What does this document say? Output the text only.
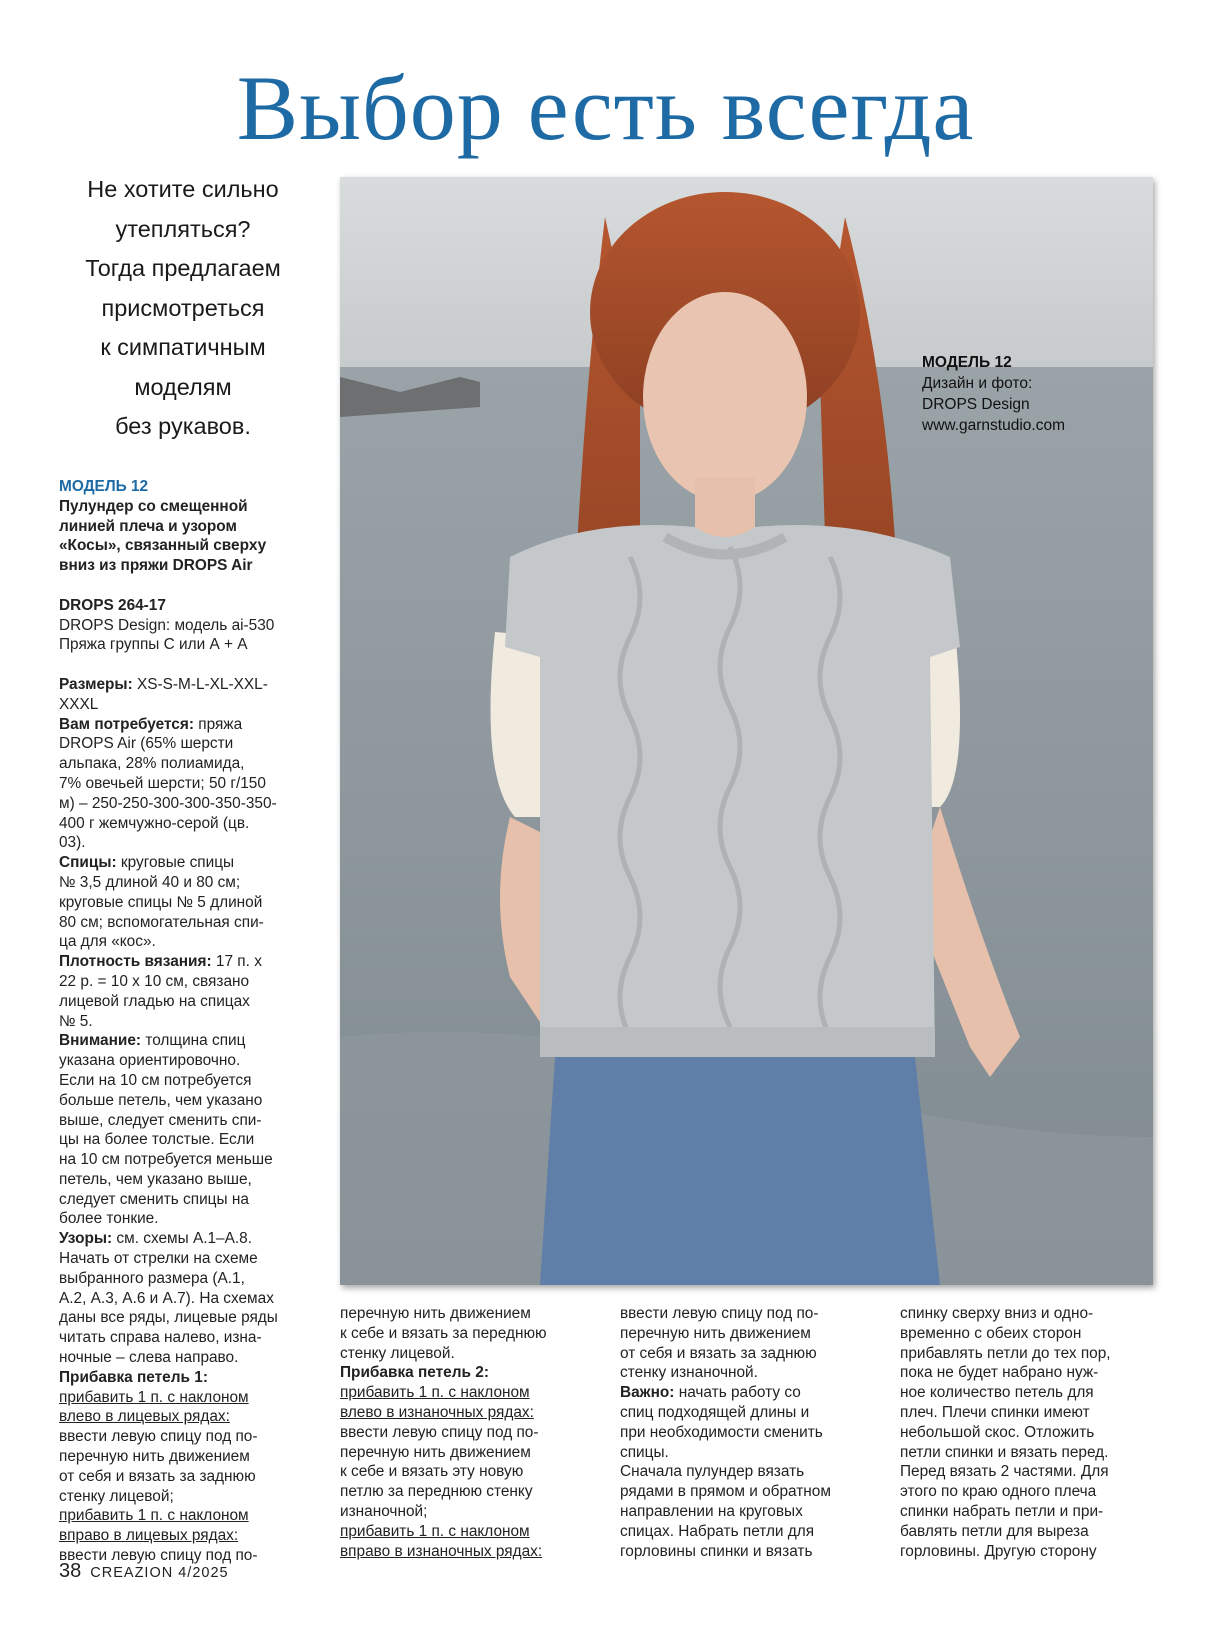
Выбор есть всегда
Не хотите сильно
утепляться?
Тогда предлагаем
присмотреться
к симпатичным
моделям
без рукавов.
МОДЕЛЬ 12
Дизайн и фото:
DROPS Design
www.garnstudio.com

МОДЕЛЬ 12

Пулундер со смещенной

линией плеча и узором

«Косы», связанный сверху

вниз из пряжи DROPS Air

DROPS 264-17

DROPS Design: модель ai-530

Пряжа группы С или А + А

Размеры: XS-S-M-L-XL-XXL-

XXXL

Вам потребуется: пряжа

DROPS Air (65% шерсти

альпака, 28% полиамида,

7% овечьей шерсти; 50 г/150

м) – 250-250-300-300-350-350-

400 г жемчужно-серой (цв.

03).

Спицы: круговые спицы

№ 3,5 длиной 40 и 80 см;

круговые спицы № 5 длиной

80 см; вспомогательная спи-

ца для «кос».

Плотность вязания: 17 п. х

22 р. = 10 х 10 см, связано

лицевой гладью на спицах

№ 5.

Внимание: толщина спиц

указана ориентировочно.

Если на 10 см потребуется

больше петель, чем указано

выше, следует сменить спи-

цы на более толстые. Если

на 10 см потребуется меньше

петель, чем указано выше,

следует сменить спицы на

более тонкие.

Узоры: см. схемы А.1–А.8.

Начать от стрелки на схеме

выбранного размера (А.1,

А.2, А.3, А.6 и А.7). На схемах

даны все ряды, лицевые ряды

читать справа налево, изна-

ночные – слева направо.

Прибавка петель 1:

прибавить 1 п. с наклоном

влево в лицевых рядах:

ввести левую спицу под по-

перечную нить движением

от себя и вязать за заднюю

стенку лицевой;

прибавить 1 п. с наклоном

вправо в лицевых рядах:

ввести левую спицу под по-

перечную нить движением

к себе и вязать за переднюю

стенку лицевой.

Прибавка петель 2:

прибавить 1 п. с наклоном

влево в изнаночных рядах:

ввести левую спицу под по-

перечную нить движением

к себе и вязать эту новую

петлю за переднюю стенку

изнаночной;

прибавить 1 п. с наклоном

вправо в изнаночных рядах:

ввести левую спицу под по-

перечную нить движением

от себя и вязать за заднюю

стенку изнаночной.

Важно: начать работу со

спиц подходящей длины и

при необходимости сменить

спицы.

Сначала пулундер вязать

рядами в прямом и обратном

направлении на круговых

спицах. Набрать петли для

горловины спинки и вязать

спинку сверху вниз и одно-

временно с обеих сторон

прибавлять петли до тех пор,

пока не будет набрано нуж-

ное количество петель для

плеч. Плечи спинки имеют

небольшой скос. Отложить

петли спинки и вязать перед.

Перед вязать 2 частями. Для

этого по краю одного плеча

спинки набрать петли и при-

бавлять петли для выреза

горловины. Другую сторону

38 CREAZION 4/2025
